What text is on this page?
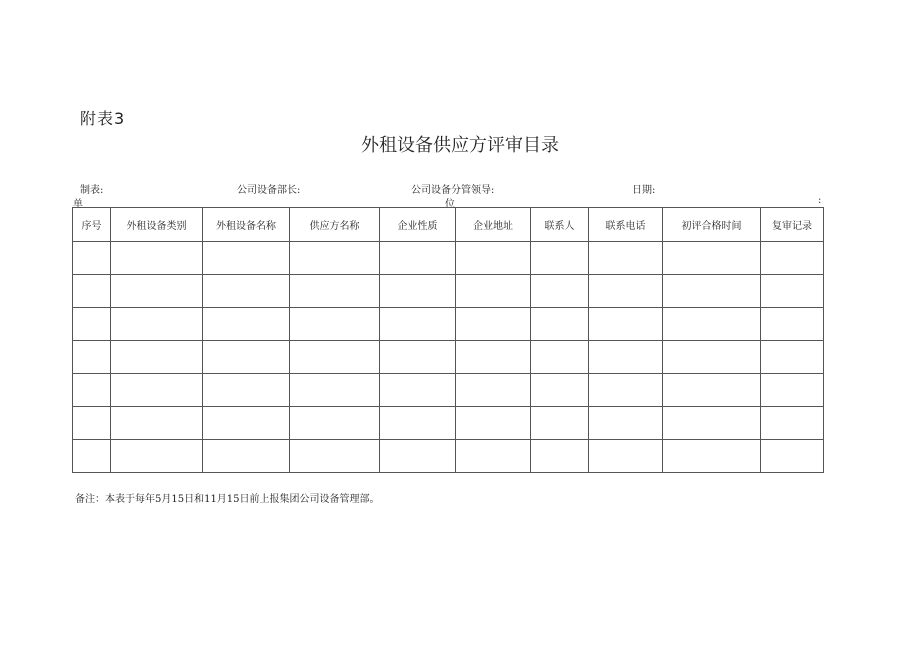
附表3
外租设备供应方评审目录
制表:	公司设备部长:	公司设备分管领导:	日期:
单	位	:
序号	外租设备类别	外租设备名称	供应方名称	企业性质	企业地址	联系人	联系电话	初评合格时间	复审记录

备注：本表于每年5月15日和11月15日前上报集团公司设备管理部。
